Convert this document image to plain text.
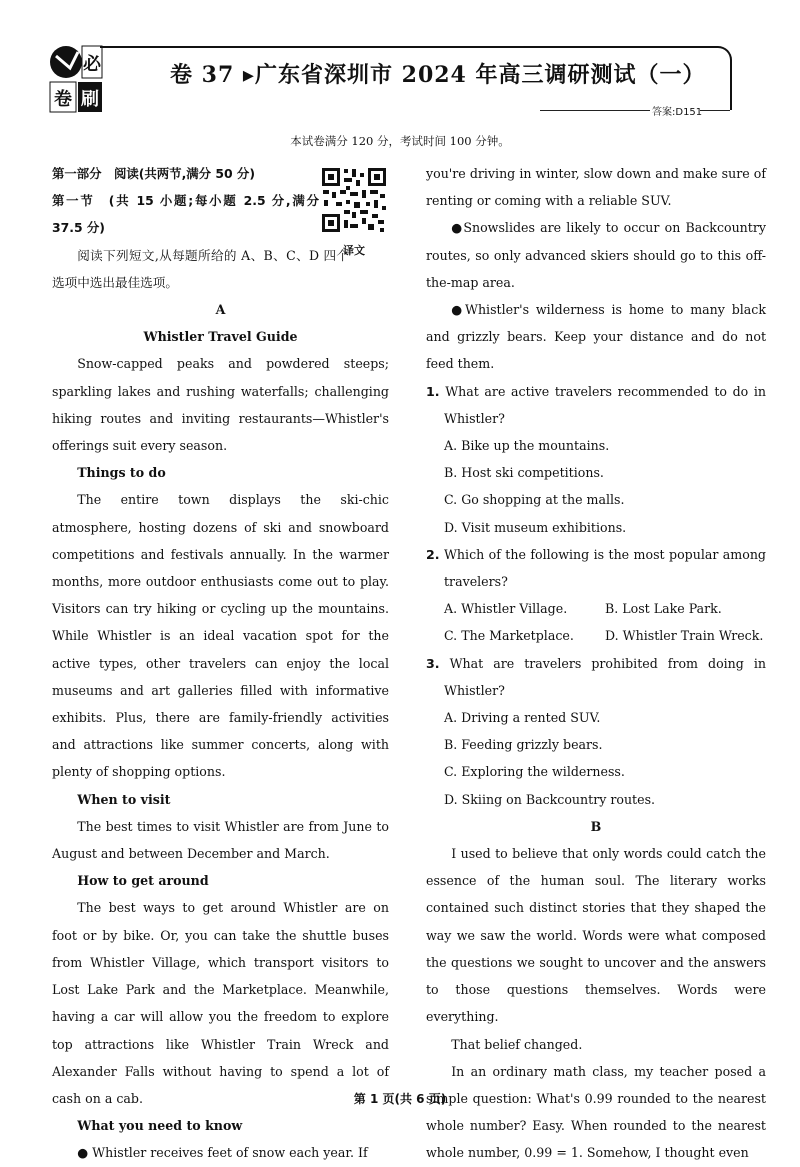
必
卷 刷
卷 37 ▸广东省深圳市 2024 年高三调研测试（一）
答案:D151
本试卷满分 120 分，考试时间 100 分钟。
译文

第一部分　阅读(共两节,满分 50 分)

第一节　(共 15 小题;每小题 2.5 分,满分 37.5 分)

阅读下列短文,从每题所给的 A、B、C、D 四个选项中选出最佳选项。

A

Whistler Travel Guide

Snow-capped peaks and powdered steeps; sparkling lakes and rushing waterfalls; challenging hiking routes and inviting restaurants—Whistler's offerings suit every season.

Things to do

The entire town displays the ski-chic atmosphere, hosting dozens of ski and snowboard competitions and festivals annually. In the warmer months, more outdoor enthusiasts come out to play. Visitors can try hiking or cycling up the mountains. While Whistler is an ideal vacation spot for the active types, other travelers can enjoy the local museums and art galleries filled with informative exhibits. Plus, there are family-friendly activities and attractions like summer concerts, along with plenty of shopping options.

When to visit

The best times to visit Whistler are from June to August and between December and March.

How to get around

The best ways to get around Whistler are on foot or by bike. Or, you can take the shuttle buses from Whistler Village, which transport visitors to Lost Lake Park and the Marketplace. Meanwhile, having a car will allow you the freedom to explore top attractions like Whistler Train Wreck and Alexander Falls without having to spend a lot of cash on a cab.

What you need to know

● Whistler receives feet of snow each year. If

you're driving in winter, slow down and make sure of renting or coming with a reliable SUV.

●Snowslides are likely to occur on Backcountry routes, so only advanced skiers should go to this off-the-map area.

●Whistler's wilderness is home to many black and grizzly bears. Keep your distance and do not feed them.

1. What are active travelers recommended to do in Whistler?

A. Bike up the mountains.

B. Host ski competitions.

C. Go shopping at the malls.

D. Visit museum exhibitions.

2. Which of the following is the most popular among travelers?

A. Whistler Village.	B. Lost Lake Park.
C. The Marketplace.	D. Whistler Train Wreck.

3. What are travelers prohibited from doing in Whistler?

A. Driving a rented SUV.

B. Feeding grizzly bears.

C. Exploring the wilderness.

D. Skiing on Backcountry routes.

B

I used to believe that only words could catch the essence of the human soul. The literary works contained such distinct stories that they shaped the way we saw the world. Words were what composed the questions we sought to uncover and the answers to those questions themselves. Words were everything.

That belief changed.

In an ordinary math class, my teacher posed a simple question: What's 0.99 rounded to the nearest whole number? Easy. When rounded to the nearest whole number, 0.99 = 1. Somehow, I thought even

第 1 页(共 6 页)
